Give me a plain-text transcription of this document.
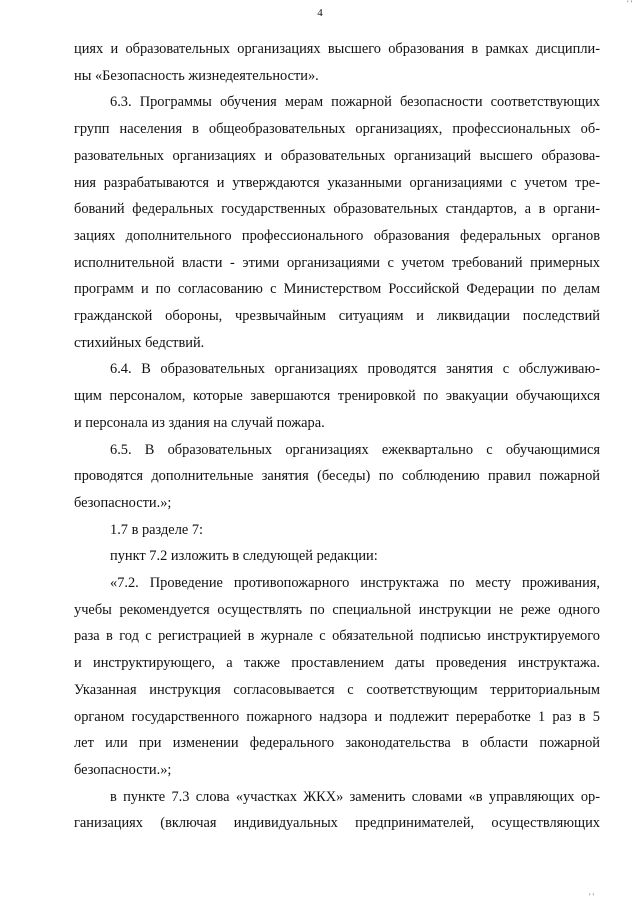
' '
4
циях и образовательных организациях высшего образования в рамках дисципли-
ны «Безопасность жизнедеятельности».
6.3. Программы обучения мерам пожарной безопасности соответствующих
групп населения в общеобразовательных организациях, профессиональных об-
разовательных организациях и образовательных организаций высшего образова-
ния разрабатываются и утверждаются указанными организациями с учетом тре-
бований федеральных государственных образовательных стандартов, а в органи-
зациях дополнительного профессионального образования федеральных органов
исполнительной власти - этими организациями с учетом требований примерных
программ и по согласованию с Министерством Российской Федерации по делам
гражданской обороны, чрезвычайным ситуациям и ликвидации последствий
стихийных бедствий.
6.4. В образовательных организациях проводятся занятия с обслуживаю-
щим персоналом, которые завершаются тренировкой по эвакуации обучающихся
и персонала из здания на случай пожара.
6.5. В образовательных организациях ежеквартально с обучающимися
проводятся дополнительные занятия (беседы) по соблюдению правил пожарной
безопасности.»;
1.7 в разделе 7:
пункт 7.2 изложить в следующей редакции:
«7.2. Проведение противопожарного инструктажа по месту проживания,
учебы рекомендуется осуществлять по специальной инструкции не реже одного
раза в год с регистрацией в журнале с обязательной подписью инструктируемого
и инструктирующего, а также проставлением даты проведения инструктажа.
Указанная инструкция согласовывается с соответствующим территориальным
органом государственного пожарного надзора и подлежит переработке 1 раз в 5
лет или при изменении федерального законодательства в области пожарной
безопасности.»;
в пункте 7.3 слова «участках ЖКХ» заменить словами «в управляющих ор-
ганизациях (включая индивидуальных предпринимателей, осуществляющих
' '
